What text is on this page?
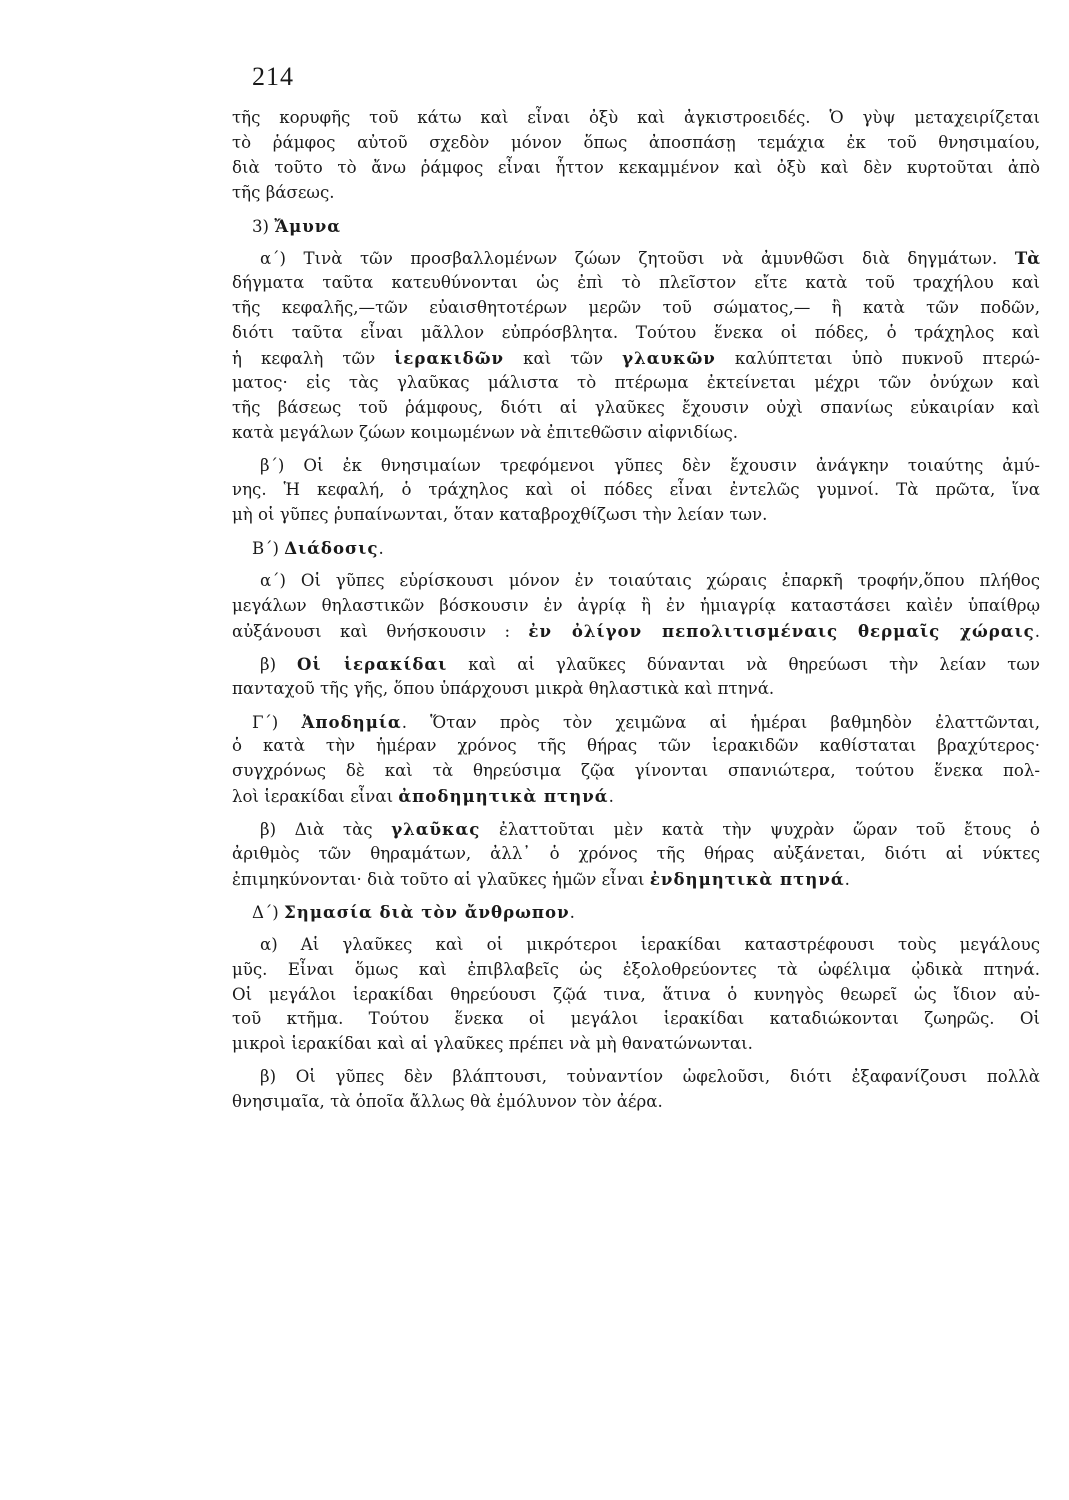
214
τῆς κορυφῆς τοῦ κάτω καὶ εἶναι ὀξὺ καὶ ἀγκιστροειδές. Ὁ γὺψ μεταχειρίζεται
τὸ ῥάμφος αὐτοῦ σχεδὸν μόνον ὅπως ἀποσπάσῃ τεμάχια ἐκ τοῦ θνησιμαίου,
διὰ τοῦτο τὸ ἄνω ῥάμφος εἶναι ἧττον κεκαμμένον καὶ ὀξὺ καὶ δὲν κυρτοῦται ἀπὸ
τῆς βάσεως.
3) Ἄμυνα
α΄) Τινὰ τῶν προσβαλλομένων ζώων ζητοῦσι νὰ ἀμυνθῶσι διὰ δηγμάτων. Τὰ
δήγματα ταῦτα κατευθύνονται ὡς ἐπὶ τὸ πλεῖστον εἴτε κατὰ τοῦ τραχήλου καὶ
τῆς κεφαλῆς,—τῶν εὐαισθητοτέρων μερῶν τοῦ σώματος,— ἢ κατὰ τῶν ποδῶν,
διότι ταῦτα εἶναι μᾶλλον εὐπρόσβλητα. Τούτου ἕνεκα οἱ πόδες, ὁ τράχηλος καὶ
ἡ κεφαλὴ τῶν ἱερακιδῶν καὶ τῶν γλαυκῶν καλύπτεται ὑπὸ πυκνοῦ πτερώ-
ματος· εἰς τὰς γλαῦκας μάλιστα τὸ πτέρωμα ἐκτείνεται μέχρι τῶν ὀνύχων καὶ
τῆς βάσεως τοῦ ῥάμφους, διότι αἱ γλαῦκες ἔχουσιν οὐχὶ σπανίως εὐκαιρίαν καὶ
κατὰ μεγάλων ζώων κοιμωμένων νὰ ἐπιτεθῶσιν αἰφνιδίως.
β΄) Οἱ ἐκ θνησιμαίων τρεφόμενοι γῦπες δὲν ἔχουσιν ἀνάγκην τοιαύτης ἀμύ-
νης. Ἡ κεφαλή, ὁ τράχηλος καὶ οἱ πόδες εἶναι ἐντελῶς γυμνοί. Τὰ πρῶτα, ἵνα
μὴ οἱ γῦπες ῥυπαίνωνται, ὅταν καταβροχθίζωσι τὴν λείαν των.
Β΄) Διάδοσις.
α΄) Οἱ γῦπες εὑρίσκουσι μόνον ἐν τοιαύταις χώραις ἐπαρκῆ τροφήν,ὅπου πλήθος
μεγάλων θηλαστικῶν βόσκουσιν ἐν ἀγρίᾳ ἢ ἐν ἡμιαγρίᾳ καταστάσει καὶἐν ὑπαίθρῳ
αὐξάνουσι καὶ θνήσκουσιν : ἐν ὀλίγον πεπολιτισμέναις θερμαῖς χώραις.
β) Οἱ ἱερακίδαι καὶ αἱ γλαῦκες δύνανται νὰ θηρεύωσι τὴν λείαν των
πανταχοῦ τῆς γῆς, ὅπου ὑπάρχουσι μικρὰ θηλαστικὰ καὶ πτηνά.
Γ΄) Ἀποδημία. Ὅταν πρὸς τὸν χειμῶνα αἱ ἡμέραι βαθμηδὸν ἐλαττῶνται,
ὁ κατὰ τὴν ἡμέραν χρόνος τῆς θήρας τῶν ἱερακιδῶν καθίσταται βραχύτερος·
συγχρόνως δὲ καὶ τὰ θηρεύσιμα ζῷα γίνονται σπανιώτερα, τούτου ἕνεκα πολ-
λοὶ ἱερακίδαι εἶναι ἀποδημητικὰ πτηνά.
β) Διὰ τὰς γλαῦκας ἐλαττοῦται μὲν κατὰ τὴν ψυχρὰν ὥραν τοῦ ἔτους ὁ
ἀριθμὸς τῶν θηραμάτων, ἀλλ᾽ ὁ χρόνος τῆς θήρας αὐξάνεται, διότι αἱ νύκτες
ἐπιμηκύνονται· διὰ τοῦτο αἱ γλαῦκες ἡμῶν εἶναι ἐνδημητικὰ πτηνά.
Δ΄) Σημασία διὰ τὸν ἄνθρωπον.
α) Αἱ γλαῦκες καὶ οἱ μικρότεροι ἱερακίδαι καταστρέφουσι τοὺς μεγάλους
μῦς. Εἶναι ὅμως καὶ ἐπιβλαβεῖς ὡς ἐξολοθρεύοντες τὰ ὠφέλιμα ᾠδικὰ πτηνά.
Οἱ μεγάλοι ἱερακίδαι θηρεύουσι ζῷά τινα, ἅτινα ὁ κυνηγὸς θεωρεῖ ὡς ἴδιον αὐ-
τοῦ κτῆμα. Τούτου ἕνεκα οἱ μεγάλοι ἱερακίδαι καταδιώκονται ζωηρῶς. Οἱ
μικροὶ ἱερακίδαι καὶ αἱ γλαῦκες πρέπει νὰ μὴ θανατώνωνται.
β) Οἱ γῦπες δὲν βλάπτουσι, τοὐναντίον ὠφελοῦσι, διότι ἐξαφανίζουσι πολλὰ
θνησιμαῖα, τὰ ὁποῖα ἄλλως θὰ ἐμόλυνον τὸν ἀέρα.
